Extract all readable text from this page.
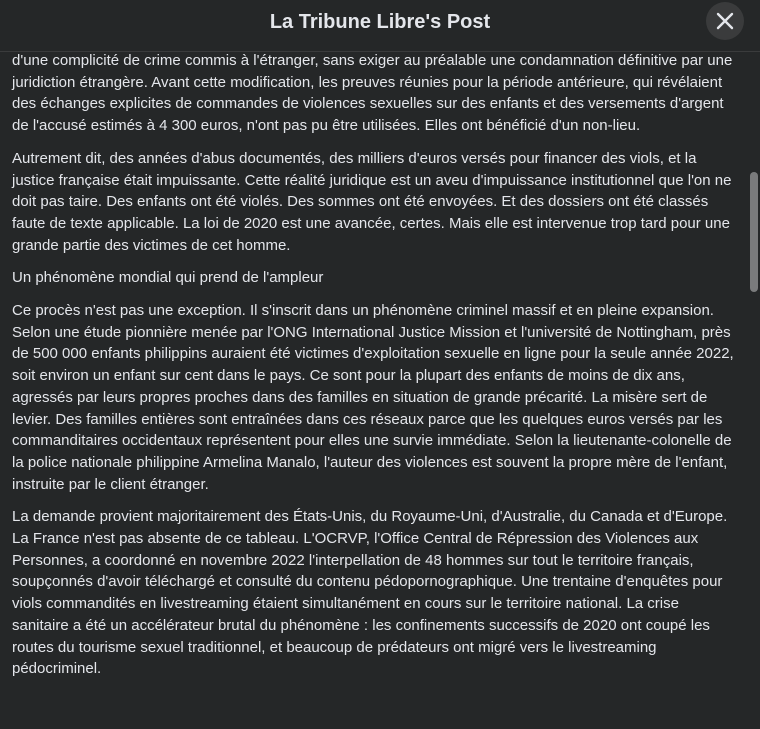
La Tribune Libre's Post

d'une complicité de crime commis à l'étranger, sans exiger au préalable une condamnation définitive par une juridiction étrangère. Avant cette modification, les preuves réunies pour la période antérieure, qui révélaient des échanges explicites de commandes de violences sexuelles sur des enfants et des versements d'argent de l'accusé estimés à 4 300 euros, n'ont pas pu être utilisées. Elles ont bénéficié d'un non-lieu.

Autrement dit, des années d'abus documentés, des milliers d'euros versés pour financer des viols, et la justice française était impuissante. Cette réalité juridique est un aveu d'impuissance institutionnel que l'on ne doit pas taire. Des enfants ont été violés. Des sommes ont été envoyées. Et des dossiers ont été classés faute de texte applicable. La loi de 2020 est une avancée, certes. Mais elle est intervenue trop tard pour une grande partie des victimes de cet homme.

Un phénomène mondial qui prend de l'ampleur

Ce procès n'est pas une exception. Il s'inscrit dans un phénomène criminel massif et en pleine expansion. Selon une étude pionnière menée par l'ONG International Justice Mission et l'université de Nottingham, près de 500 000 enfants philippins auraient été victimes d'exploitation sexuelle en ligne pour la seule année 2022, soit environ un enfant sur cent dans le pays. Ce sont pour la plupart des enfants de moins de dix ans, agressés par leurs propres proches dans des familles en situation de grande précarité. La misère sert de levier. Des familles entières sont entraînées dans ces réseaux parce que les quelques euros versés par les commanditaires occidentaux représentent pour elles une survie immédiate. Selon la lieutenante-colonelle de la police nationale philippine Armelina Manalo, l'auteur des violences est souvent la propre mère de l'enfant, instruite par le client étranger.

La demande provient majoritairement des États-Unis, du Royaume-Uni, d'Australie, du Canada et d'Europe. La France n'est pas absente de ce tableau. L'OCRVP, l'Office Central de Répression des Violences aux Personnes, a coordonné en novembre 2022 l'interpellation de 48 hommes sur tout le territoire français, soupçonnés d'avoir téléchargé et consulté du contenu pédopornographique. Une trentaine d'enquêtes pour viols commandités en livestreaming étaient simultanément en cours sur le territoire national. La crise sanitaire a été un accélérateur brutal du phénomène : les confinements successifs de 2020 ont coupé les routes du tourisme sexuel traditionnel, et beaucoup de prédateurs ont migré vers le livestreaming pédocriminel.
